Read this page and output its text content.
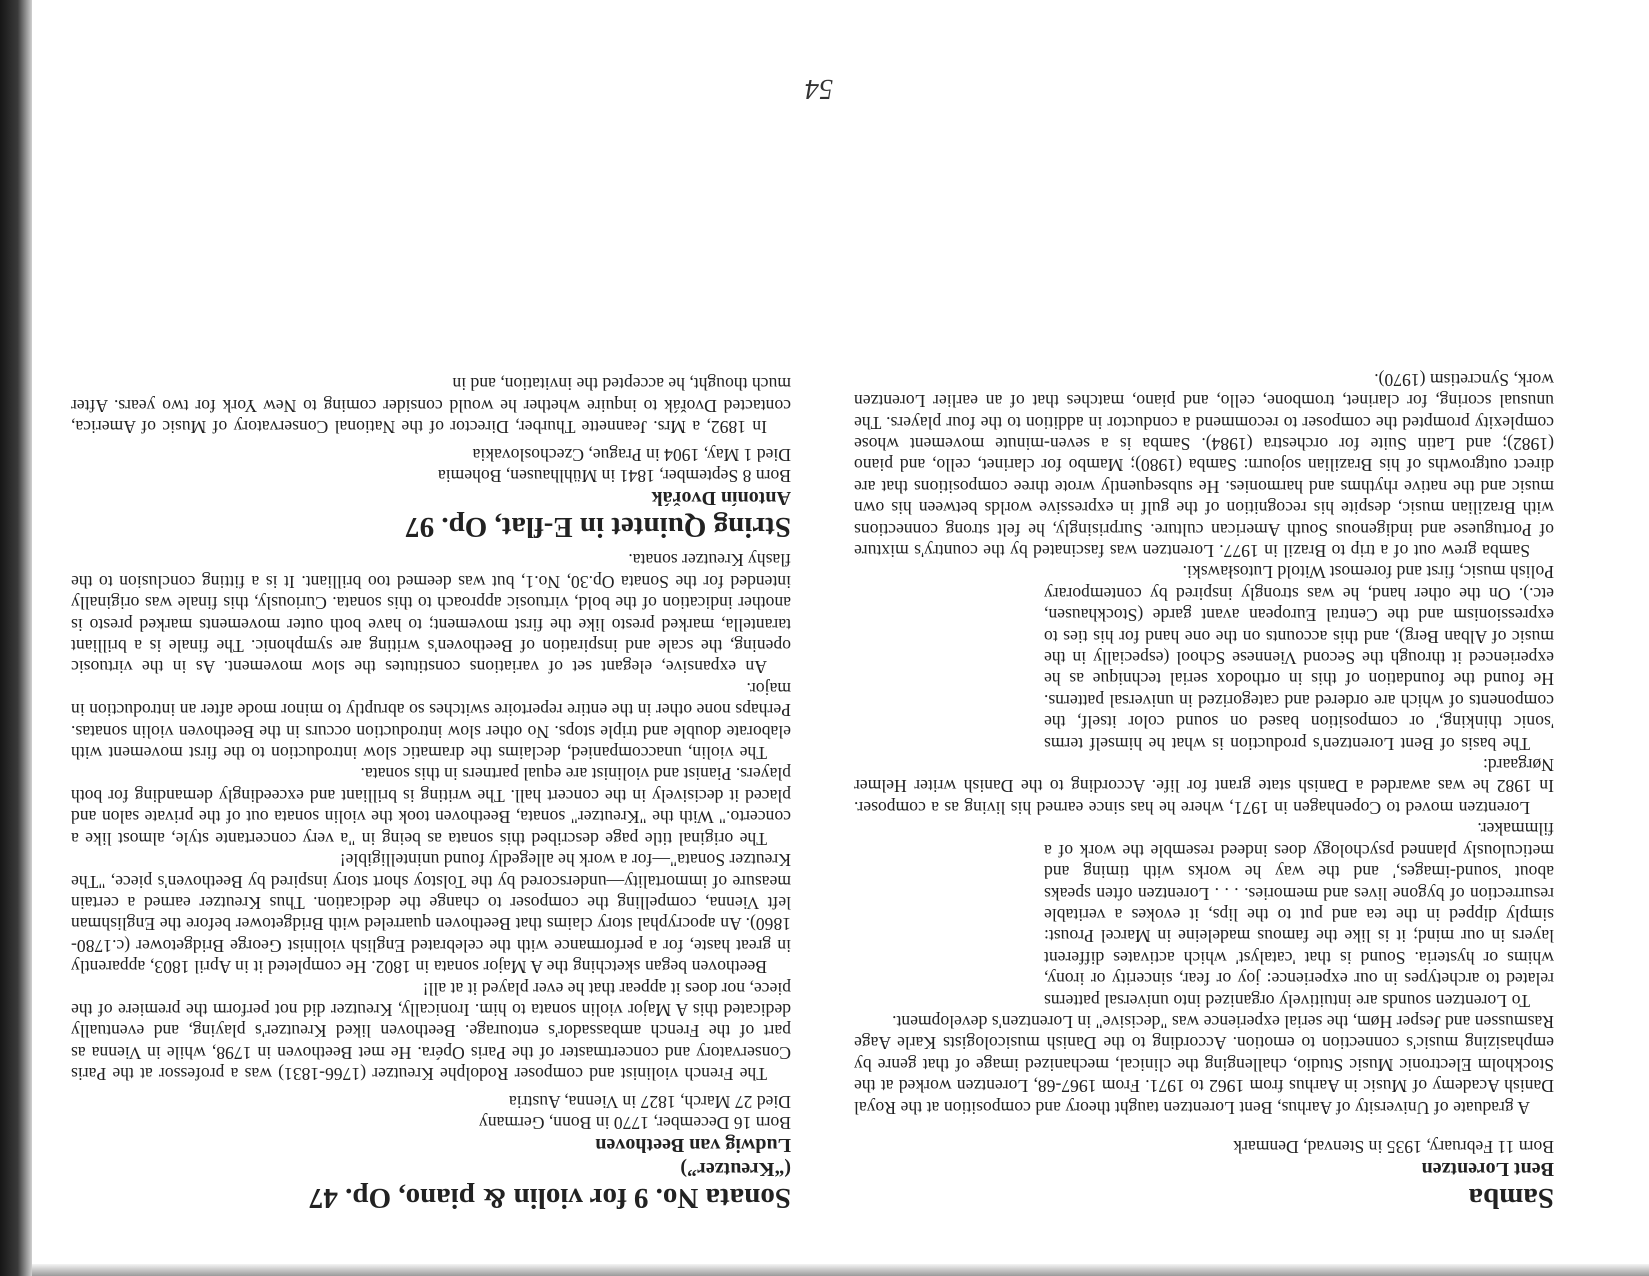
Samba
Bent Lorentzen

Born 11 February, 1935 in Stenvad, Denmark

A graduate of University of Aarhus, Bent Lorentzen taught theory and composition at the Royal Danish Academy of Music in Aarhus from 1962 to 1971. From 1967-68, Lorentzen worked at the Stockholm Electronic Music Studio, challenging the clinical, mechanized image of that genre by emphasizing music's connection to emotion. According to the Danish musicologists Karle Aage Rasmussen and Jesper Høm, the serial experience was "decisive" in Lorentzen's development.

To Lorentzen sounds are intuitively organized into universal patterns related to archetypes in our experience: joy or fear, sincerity or irony, whims or hysteria. Sound is that 'catalyst' which activates different layers in our mind; it is like the famous madeleine in Marcel Proust: simply dipped in the tea and put to the lips, it evokes a veritable resurrection of bygone lives and memories. . . . Lorentzen often speaks about 'sound-images,' and the way he works with timing and meticulously planned psychology does indeed resemble the work of a filmmaker.

Lorentzen moved to Copenhagen in 1971, where he has since earned his living as a composer. In 1982 he was awarded a Danish state grant for life. According to the Danish writer Helmer Nørgaard:

The basis of Bent Lorentzen's production is what he himself terms 'sonic thinking,' or composition based on sound color itself, the components of which are ordered and categorized in universal patterns. He found the foundation of this in orthodox serial technique as he experienced it through the Second Viennese School (especially in the music of Alban Berg), and this accounts on the one hand for his ties to expressionism and the Central European avant garde (Stockhausen, etc.). On the other hand, he was strongly inspired by contemporary Polish music, first and foremost Witold Lutosławski.

Samba grew out of a trip to Brazil in 1977. Lorentzen was fascinated by the country's mixture of Portuguese and indigenous South American culture. Surprisingly, he felt strong connections with Brazilian music, despite his recognition of the gulf in expressive worlds between his own music and the native rhythms and harmonies. He subsequently wrote three compositions that are direct outgrowths of his Brazilian sojourn: Samba (1980); Mambo for clarinet, cello, and piano (1982); and Latin Suite for orchestra (1984). Samba is a seven-minute movement whose complexity prompted the composer to recommend a conductor in addition to the four players. The unusual scoring, for clarinet, trombone, cello, and piano, matches that of an earlier Lorentzen work, Syncretism (1970).

Sonata No. 9 for violin & piano, Op. 47
(“Kreutzer”)
Ludwig van Beethoven

Born 16 December, 1770 in Bonn, Germany

Died 27 March, 1827 in Vienna, Austria

The French violinist and composer Rodolphe Kreutzer (1766-1831) was a professor at the Paris Conservatory and concertmaster of the Paris Opéra. He met Beethoven in 1798, while in Vienna as part of the French ambassador's entourage. Beethoven liked Kreutzer's playing, and eventually dedicated this A Major violin sonata to him. Ironically, Kreutzer did not perform the premiere of the piece, nor does it appear that he ever played it at all!

Beethoven began sketching the A Major sonata in 1802. He completed it in April 1803, apparently in great haste, for a performance with the celebrated English violinist George Bridgetower (c.1780-1860). An apocryphal story claims that Beethoven quarreled with Bridgetower before the Englishman left Vienna, compelling the composer to change the dedication. Thus Kreutzer earned a certain measure of immortality—underscored by the Tolstoy short story inspired by Beethoven's piece, "The Kreutzer Sonata"—for a work he allegedly found unintelligible!

The original title page described this sonata as being in "a very concertante style, almost like a concerto." With the "Kreutzer" sonata, Beethoven took the violin sonata out of the private salon and placed it decisively in the concert hall. The writing is brilliant and exceedingly demanding for both players. Pianist and violinist are equal partners in this sonata.

The violin, unaccompanied, declaims the dramatic slow introduction to the first movement with elaborate double and triple stops. No other slow introduction occurs in the Beethoven violin sonatas. Perhaps none other in the entire repertoire switches so abruptly to minor mode after an introduction in major.

An expansive, elegant set of variations constitutes the slow movement. As in the virtuosic opening, the scale and inspiration of Beethoven's writing are symphonic. The finale is a brilliant tarantella, marked presto like the first movement; to have both outer movements marked presto is another indication of the bold, virtuosic approach to this sonata. Curiously, this finale was originally intended for the Sonata Op.30, No.1, but was deemed too brilliant. It is a fitting conclusion to the flashy Kreutzer sonata.

String Quintet in E-flat, Op. 97
Antonín Dvořák

Born 8 September, 1841 in Mühlhausen, Bohemia

Died 1 May, 1904 in Prague, Czechoslovakia

In 1892, a Mrs. Jeannette Thurber, Director of the National Conservatory of Music of America, contacted Dvořák to inquire whether he would consider coming to New York for two years. After much thought, he accepted the invitation, and in

54
